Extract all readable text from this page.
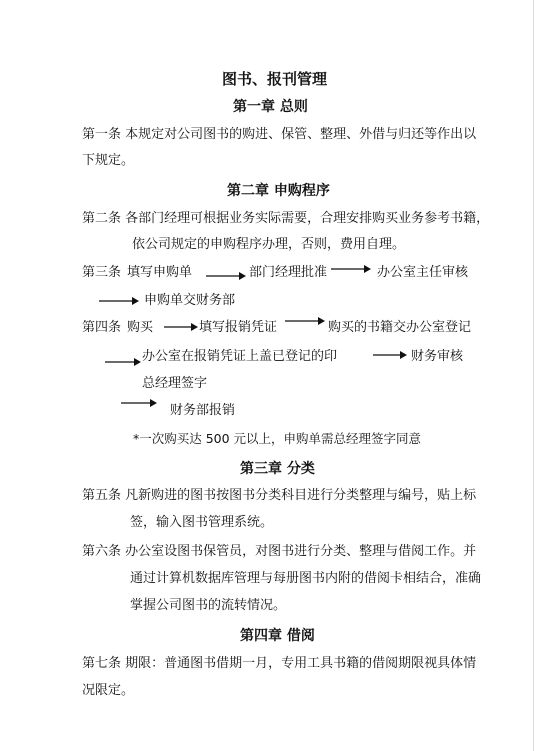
图书、报刊管理
第一章 总则
第一条 本规定对公司图书的购进、保管、整理、外借与归还等作出以
下规定。
第二章 申购程序
第二条 各部门经理可根据业务实际需要，合理安排购买业务参考书籍，
依公司规定的申购程序办理，否则，费用自理。
第三条 填写申购单	部门经理批准	办公室主任审核
申购单交财务部
第四条 购买	填写报销凭证	购买的书籍交办公室登记
办公室在报销凭证上盖已登记的印	财务审核
总经理签字
财务部报销
*一次购买达 500 元以上，申购单需总经理签字同意
第三章 分类
第五条 凡新购进的图书按图书分类科目进行分类整理与编号，贴上标
签，输入图书管理系统。
第六条 办公室设图书保管员，对图书进行分类、整理与借阅工作。并
通过计算机数据库管理与每册图书内附的借阅卡相结合，准确
掌握公司图书的流转情况。
第四章 借阅
第七条 期限：普通图书借期一月，专用工具书籍的借阅期限视具体情
况限定。
